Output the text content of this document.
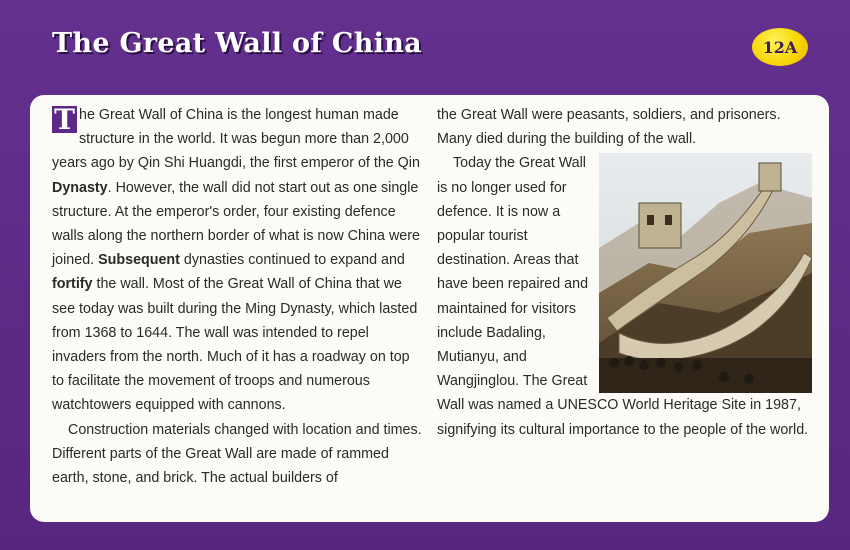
The Great Wall of China	12A

T he Great Wall of China is the longest human made structure in the world. It was begun more than 2,000 years ago by Qin Shi Huangdi, the first emperor of the Qin Dynasty. However, the wall did not start out as one single structure. At the emperor's order, four existing defence walls along the northern border of what is now China were joined. Subsequent dynasties continued to expand and fortify the wall. Most of the Great Wall of China that we see today was built during the Ming Dynasty, which lasted from 1368 to 1644. The wall was intended to repel invaders from the north. Much of it has a roadway on top to facilitate the movement of troops and numerous watchtowers equipped with cannons.

Construction materials changed with location and times. Different parts of the Great Wall are made of rammed earth, stone, and brick. The actual builders of

the Great Wall were peasants, soldiers, and prisoners. Many died during the building of the wall.

Today the Great Wall is no longer used for defence. It is now a popular tourist destination. Areas that have been repaired and maintained for visitors include Badaling, Mutianyu, and Wangjinglou. The Great Wall was named a UNESCO World Heritage Site in 1987, signifying its cultural importance to the people of the world.
